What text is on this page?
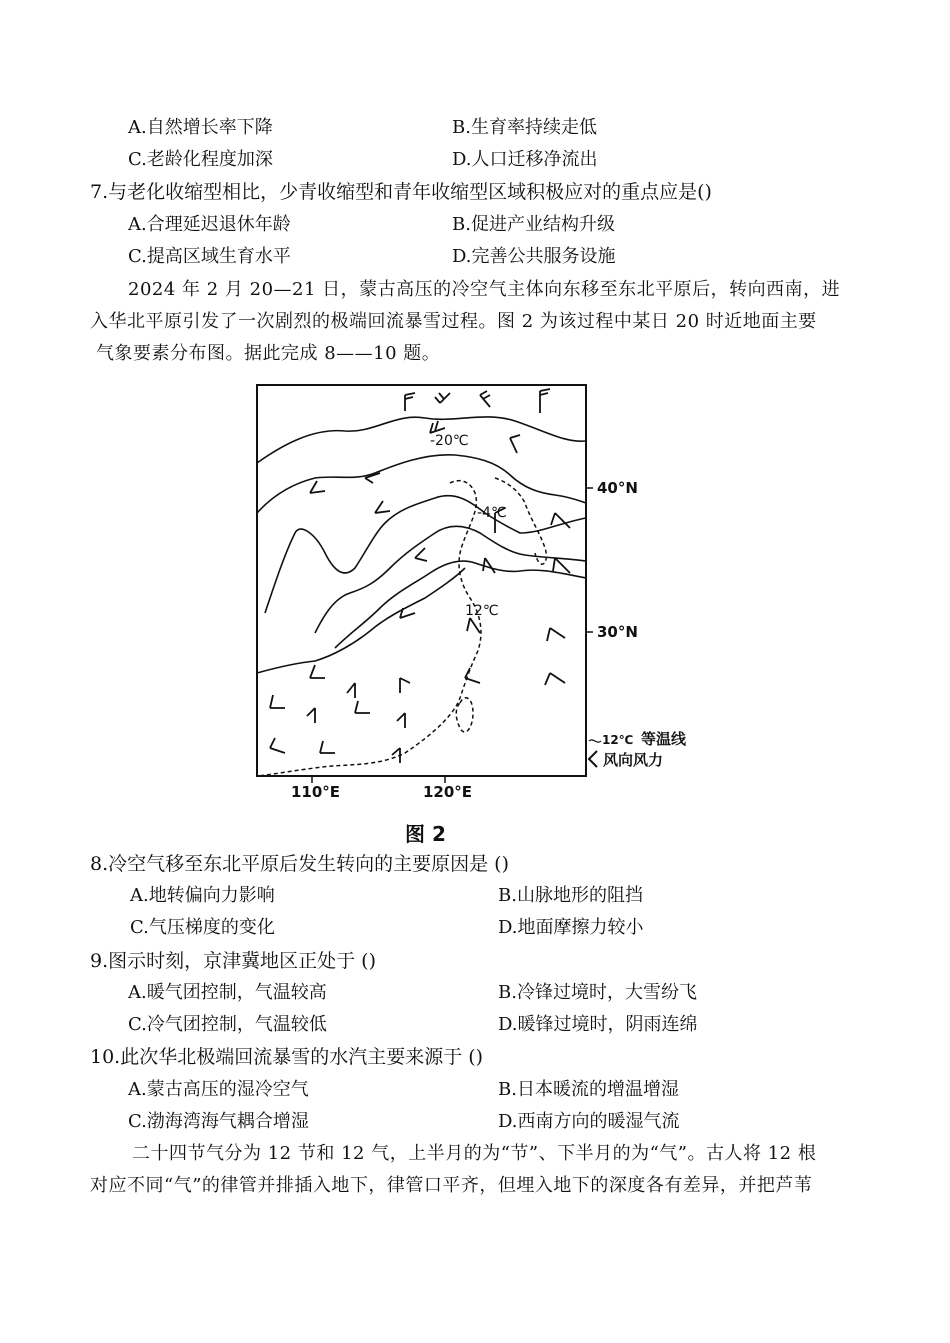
A.自然增长率下降	B.生育率持续走低
C.老龄化程度加深	D.人口迁移净流出
7.与老化收缩型相比，少青收缩型和青年收缩型区域积极应对的重点应是()
A.合理延迟退休年龄	B.促进产业结构升级
C.提高区域生育水平	D.完善公共服务设施
2024 年 2 月 20—21 日，蒙古高压的冷空气主体向东移至东北平原后，转向西南，进
入华北平原引发了一次剧烈的极端回流暴雪过程。图 2 为该过程中某日 20 时近地面主要
气象要素分布图。据此完成 8——10 题。
-20℃
-4℃
12℃
40°N
30°N
110°E	120°E
12℃ 等温线
风向风力
图 2
8.冷空气移至东北平原后发生转向的主要原因是 ()
A.地转偏向力影响	B.山脉地形的阻挡
C.气压梯度的变化	D.地面摩擦力较小
9.图示时刻，京津冀地区正处于 ()
A.暖气团控制，气温较高	B.冷锋过境时，大雪纷飞
C.冷气团控制，气温较低	D.暖锋过境时，阴雨连绵
10.此次华北极端回流暴雪的水汽主要来源于 ()
A.蒙古高压的湿冷空气	B.日本暖流的增温增湿
C.渤海湾海气耦合增湿	D.西南方向的暖湿气流
二十四节气分为 12 节和 12 气，上半月的为“节”、下半月的为“气”。古人将 12 根
对应不同“气”的律管并排插入地下，律管口平齐，但埋入地下的深度各有差异，并把芦苇
